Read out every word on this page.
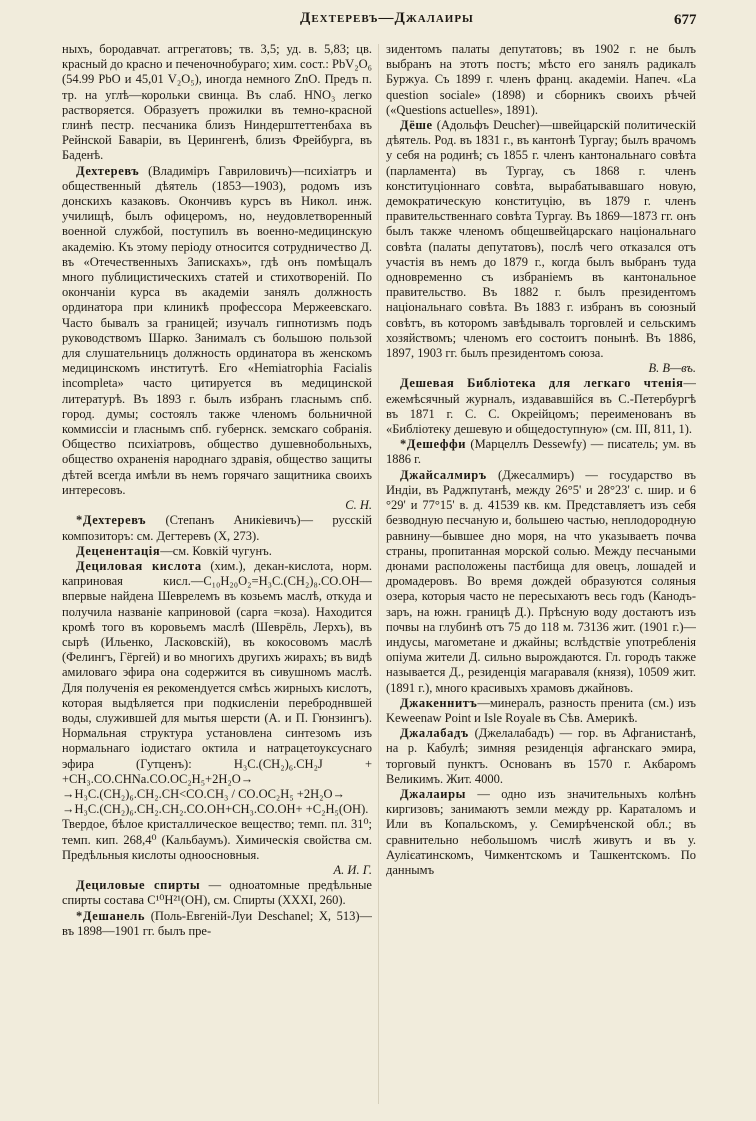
Дехтеревъ—Джалаиры	677

ныхъ, бородавчат. аггрегатовъ; тв. 3,5; уд. в. 5,83; цв. красный до красно и печеночнобураго; хим. сост.: PbV₂O₆ (54.99 PbO и 45,01 V₂O₅), иногда немного ZnO. Предъ п. тр. на углѣ—корольки свинца. Въ слаб. HNO₃ легко растворяется. Образуетъ прожилки въ темно-красной глинѣ пестр. песчаника близъ Ниндерштеттенбаха въ Рейнской Баваріи, въ Церингенѣ, близъ Фрейбурга, въ Баденѣ.

Дехтеревъ (Владиміръ Гавриловичъ)—психіатръ и общественный дѣятель (1853—1903), родомъ изъ донскихъ казаковъ. Окончивъ курсъ въ Никол. инж. училищѣ, былъ офицеромъ, но, неудовлетворенный военной службой, поступилъ въ военно-медицинскую академію. Къ этому періоду относится сотрудничество Д. въ «Отечественныхъ Запискахъ», гдѣ онъ помѣщалъ много публицистическихъ статей и стихотвореній. По окончаніи курса въ академіи занялъ должность ординатора при клиникѣ профессора Мержеевскаго. Часто бывалъ за границей; изучалъ гипнотизмъ подъ руководствомъ Шарко. Занималъ съ большою пользой для слушательницъ должность ординатора въ женскомъ медицинскомъ институтѣ. Его «Hemiatrophia Facialis incompleta» часто цитируется въ медицинской литературѣ. Въ 1893 г. былъ избранъ гласнымъ спб. город. думы; состоялъ также членомъ больничной коммиссіи и гласнымъ спб. губернск. земскаго собранія. Общество психіатровъ, общество душевнобольныхъ, общество охраненія народнаго здравія, общество защиты дѣтей всегда имѣли въ немъ горячаго защитника своихъ интересовъ.
С. Н.

*Дехтеревъ (Степанъ Аникіевичъ)— русскій композиторъ: см. Дегтеревъ (Х, 273).

Деценентація—см. Ковкій чугунъ.

Дециловая кислота (хим.), декан-кислота, норм. каприновая кисл.—C₁₀H₂₀O₂=H₃C.(CH₂)₈.CO.OH—впервые найдена Шеврелемъ въ козьемъ маслѣ, откуда и получила названіе каприновой (capra =коза). Находится кромѣ того въ коровьемъ маслѣ (Шеврёль, Лерхъ), въ сырѣ (Ильенко, Ласковскій), въ кокосовомъ маслѣ (Фелингъ, Гёргей) и во многихъ другихъ жирахъ; въ видѣ амиловаго эфира она содержится въ сивушномъ маслѣ. Для полученія ея рекомендуется смѣсь жирныхъ кислотъ, которая выдѣляется при подкисленіи переброднвшей воды, служившей для мытья шерсти (А. и П. Гюнзингъ). Нормальная структура установлена синтезомъ изъ нормальнаго іодистаго октила и натрацетоуксуснаго эфира (Гутценъ): H₃C.(CH₂)₆.CH₂J + +CH₃.CO.CHNa.CO.OC₂H₅+2H₂O→
→H₃C.(CH₂)₆.CH₂.CH<CO.CH₃ / CO.OC₂H₅ +2H₂O→
→H₃C.(CH₂)₆.CH₂.CH₂.CO.OH+CH₃.CO.OH+ +C₂H₅(OH).
Твердое, бѣлое кристаллическое вещество; темп. пл. 31⁰; темп. кип. 268,4⁰ (Кальбаумъ). Химическія свойства см. Предѣльныя кислоты одноосновныя.
А. И. Г.

Дециловые спирты — одноатомные предѣльные спирты состава C¹⁰H²¹(OH), см. Спирты (XXXI, 260).

*Дешанель (Поль-Евгеній-Луи Deschanel; Х, 513)—въ 1898—1901 гг. былъ пре-

зидентомъ палаты депутатовъ; въ 1902 г. не былъ выбранъ на этотъ постъ; мѣсто его занялъ радикалъ Буржуа. Съ 1899 г. членъ франц. академіи. Напеч. «La question sociale» (1898) и сборникъ своихъ рѣчей («Questions actuelles», 1891).

Дёше (Адольфъ Deucher)—швейцарскій политическій дѣятель. Род. въ 1831 г., въ кантонѣ Тургау; былъ врачомъ у себя на родинѣ; съ 1855 г. членъ кантональнаго совѣта (парламента) въ Тургау, съ 1868 г. членъ конституціоннаго совѣта, вырабатывавшаго новую, демократическую конституцію, въ 1879 г. членъ правительственнаго совѣта Тургау. Въ 1869—1873 гг. онъ былъ также членомъ общешвейцарскаго національнаго совѣта (палаты депутатовъ), послѣ чего отказался отъ участія въ немъ до 1879 г., когда былъ выбранъ туда одновременно съ избраніемъ въ кантональное правительство. Въ 1882 г. былъ президентомъ національнаго совѣта. Въ 1883 г. избранъ въ союзный совѣтъ, въ которомъ завѣдывалъ торговлей и сельскимъ хозяйствомъ; членомъ его состоитъ понынѣ. Въ 1886, 1897, 1903 гг. былъ президентомъ союза.
В. В—въ.

Дешевая Библіотека для легкаго чтенія—ежемѣсячный журналъ, издававшійся въ С.-Петербургѣ въ 1871 г. С. С. Окреійцомъ; переименованъ въ «Библіотеку дешевую и общедоступную» (см. III, 811, 1).

*Дешеффи (Марцеллъ Dessewfy) — писатель; ум. въ 1886 г.

Джайсалмиръ (Джесалмиръ) — государство въ Индіи, въ Раджпутанѣ, между 26°5' и 28°23' с. шир. и 6 °29' и 77°15' в. д. 41539 кв. км. Представляетъ изъ себя безводную песчаную и, большею частью, неплодородную равнину—бывшее дно моря, на что указываетъ почва страны, пропитанная морской солью. Между песчаными дюнами расположены пастбища для овецъ, лошадей и дромадеровъ. Во время дождей образуются соляныя озера, которыя часто не пересыхаютъ весь годъ (Канодъ-заръ, на южн. границѣ Д.). Прѣсную воду достаютъ изъ почвы на глубинѣ отъ 75 до 118 м. 73136 жит. (1901 г.)—индусы, магометане и джайны; вслѣдствіе употребленія опіума жители Д. сильно вырождаются. Гл. городъ также называется Д., резиденція магараваля (князя), 10509 жит. (1891 г.), много красивыхъ храмовъ джайновъ.

Джакеннитъ—минералъ, разность пренита (см.) изъ Keweenaw Point и Isle Royale въ Сѣв. Америкѣ.

Джалабадъ (Джелалабадъ) — гор. въ Афганистанѣ, на р. Кабулѣ; зимняя резиденція афганскаго эмира, торговый пунктъ. Основанъ въ 1570 г. Акбаромъ Великимъ. Жит. 4000.

Джалаиры — одно изъ значительныхъ колѣнъ киргизовъ; занимаютъ земли между рр. Караталомъ и Или въ Копальскомъ, у. Семирѣченской обл.; въ сравнительно небольшомъ числѣ живутъ и въ у. Аулієатинскомъ, Чимкентскомъ и Ташкентскомъ. По даннымъ
